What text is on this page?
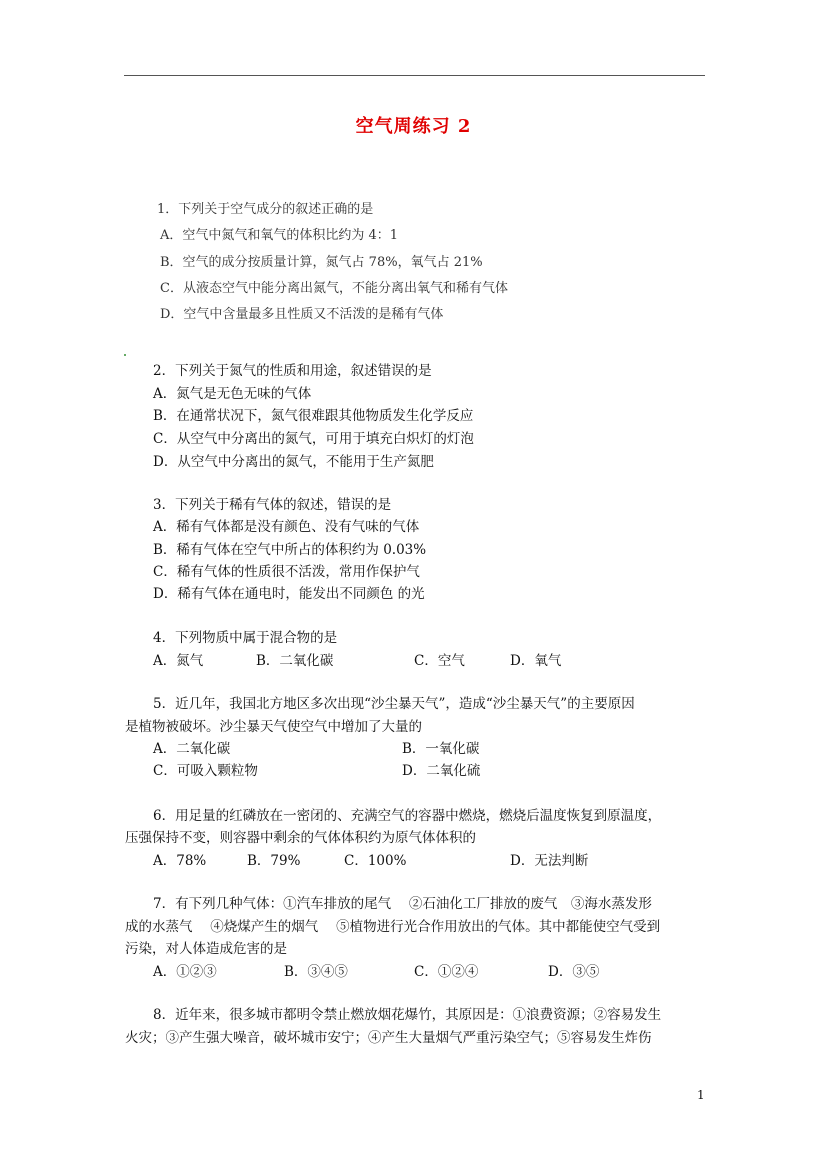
空气周练习 2
1．下列关于空气成分的叙述正确的是
A．空气中氮气和氧气的体积比约为 4：1
B．空气的成分按质量计算，氮气占 78%，氧气占 21%
C．从液态空气中能分离出氮气，不能分离出氧气和稀有气体
D．空气中含量最多且性质又不活泼的是稀有气体
2．下列关于氮气的性质和用途，叙述错误的是
A．氮气是无色无味的气体
B．在通常状况下，氮气很难跟其他物质发生化学反应
C．从空气中分离出的氮气，可用于填充白炽灯的灯泡
D．从空气中分离出的氮气，不能用于生产氮肥
3．下列关于稀有气体的叙述，错误的是
A．稀有气体都是没有颜色、没有气味的气体
B．稀有气体在空气中所占的体积约为 0.03%
C．稀有气体的性质很不活泼，常用作保护气
D．稀有气体在通电时，能发出不同颜色 的光
4．下列物质中属于混合物的是
A．氮气	B．二氧化碳	C．空气	D．氧气
5．近几年，我国北方地区多次出现“沙尘暴天气”，造成“沙尘暴天气”的主要原因
是植物被破坏。沙尘暴天气使空气中增加了大量的
A．二氧化碳	B．一氧化碳
C．可吸入颗粒物	D．二氧化硫
6．用足量的红磷放在一密闭的、充满空气的容器中燃烧，燃烧后温度恢复到原温度，
压强保持不变，则容器中剩余的气体体积约为原气体体积的
A．78%	B．79%	C．100%	D．无法判断
7．有下列几种气体：①汽车排放的尾气　 ②石油化工厂排放的废气　③海水蒸发形
成的水蒸气　 ④烧煤产生的烟气　 ⑤植物进行光合作用放出的气体。其中都能使空气受到
污染，对人体造成危害的是
A．①②③	B．③④⑤	C．①②④	D．③⑤
8．近年来，很多城市都明令禁止燃放烟花爆竹，其原因是：①浪费资源；②容易发生
火灾；③产生强大噪音，破坏城市安宁；④产生大量烟气严重污染空气；⑤容易发生炸伤
1
